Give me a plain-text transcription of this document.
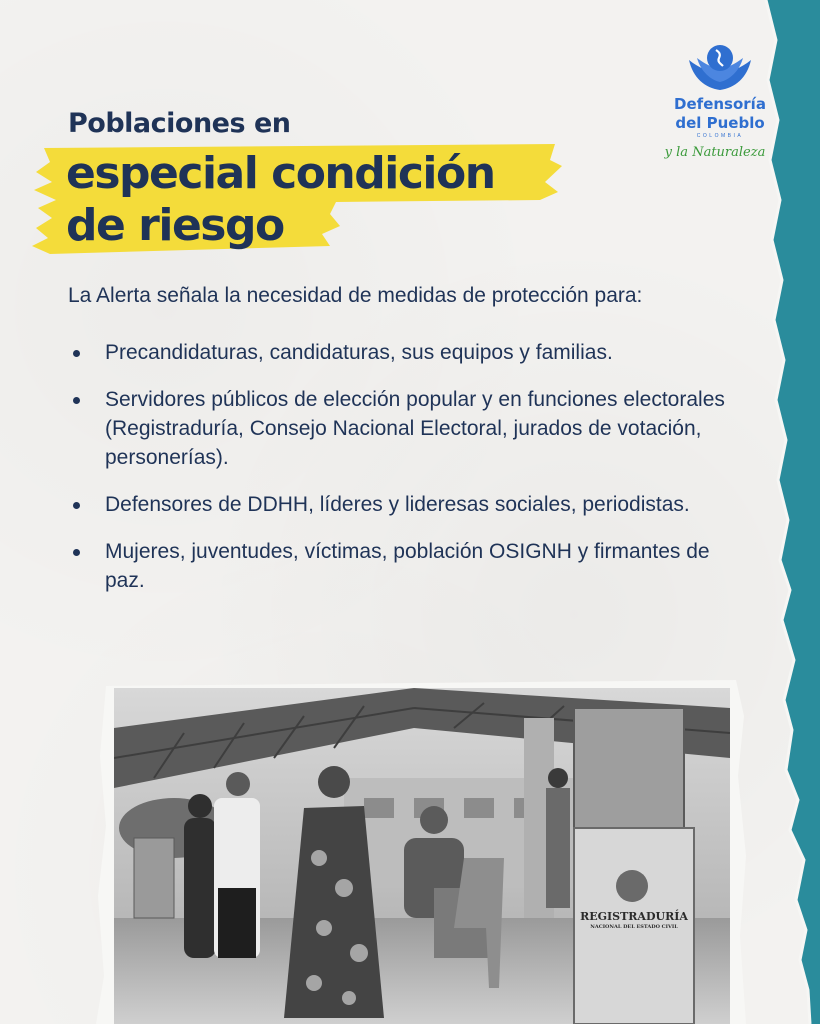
Defensoría
del Pueblo
COLOMBIA
y la Naturaleza
Poblaciones en
especial condición
de riesgo
La Alerta señala la necesidad de medidas de protección para:
Precandidaturas, candidaturas, sus equipos y familias.
Servidores públicos de elección popular y en funciones electorales (Registraduría, Consejo Nacional Electoral, jurados de votación, personerías).
Defensores de DDHH, líderes y lideresas sociales, periodistas.
Mujeres, juventudes, víctimas, población OSIGNH y firmantes de paz.
REGISTRADURÍA
NACIONAL DEL ESTADO CIVIL
